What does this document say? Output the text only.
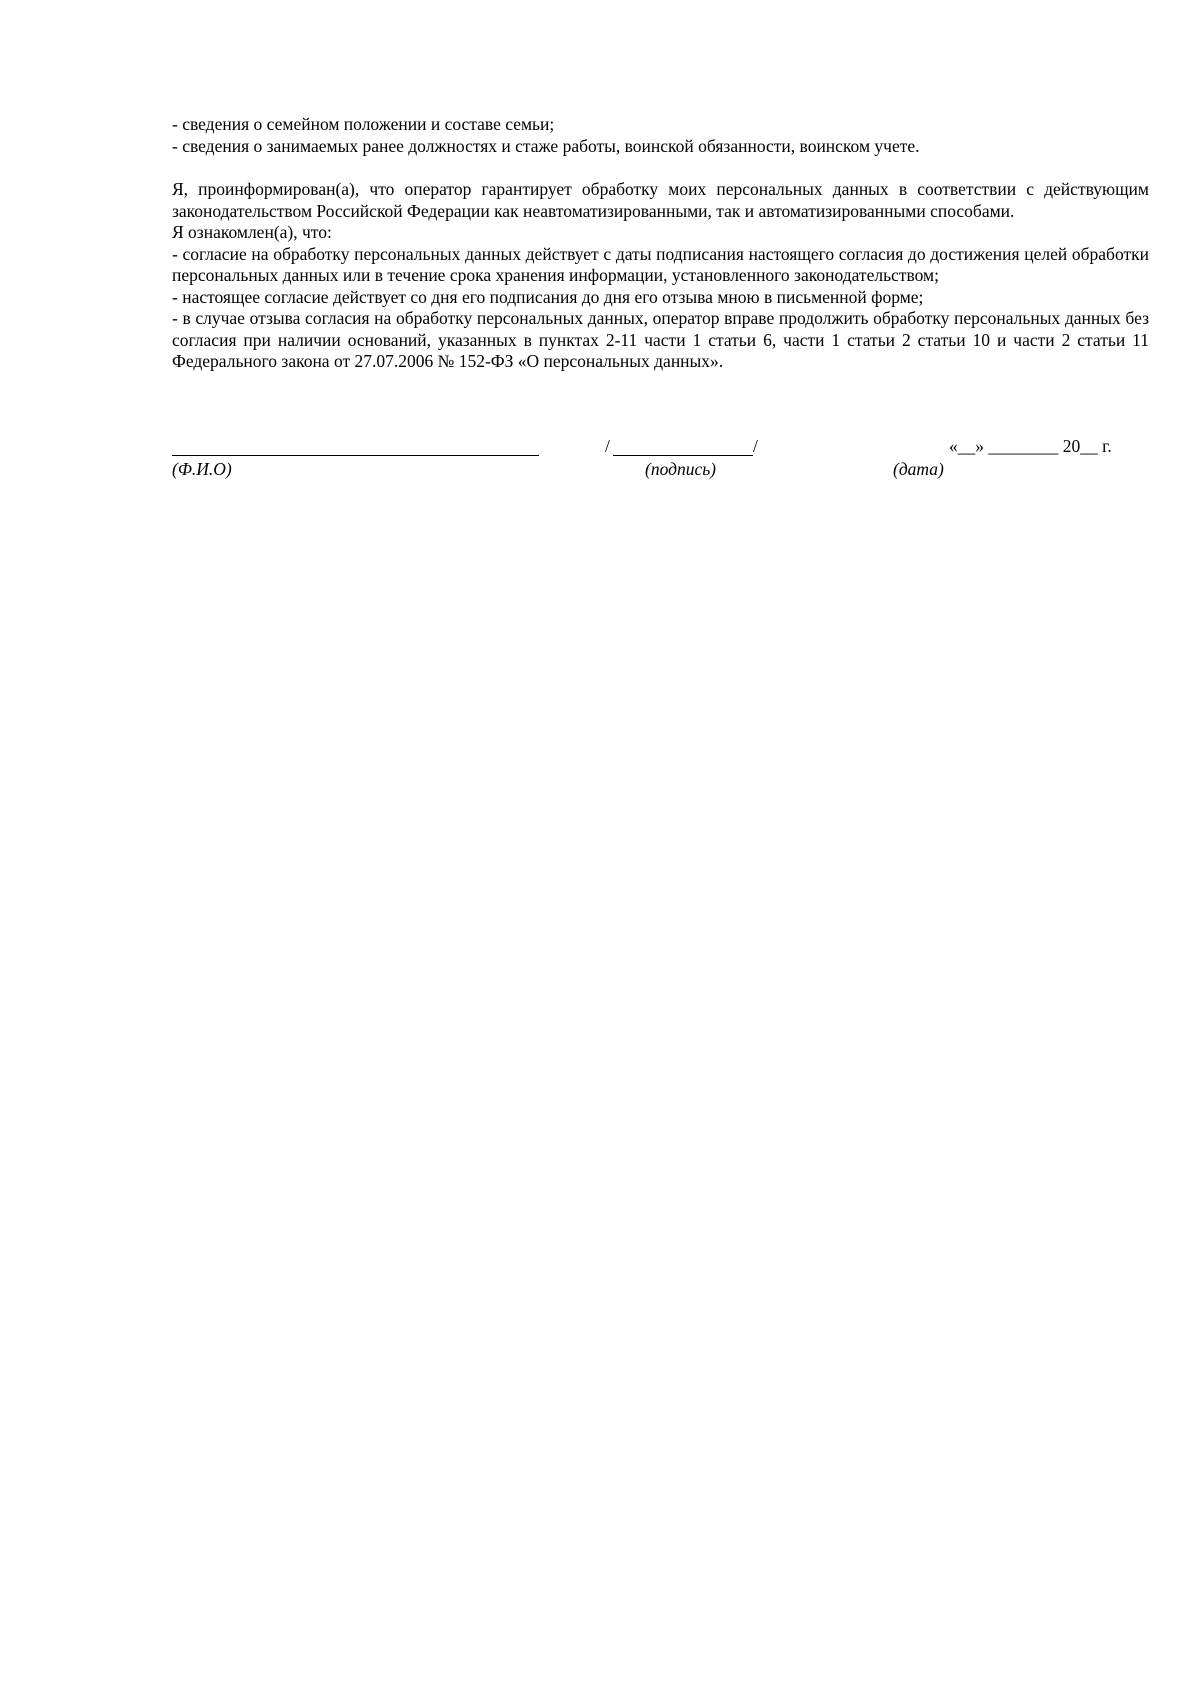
- сведения о семейном положении и составе семьи;
- сведения о занимаемых ранее должностях и стаже работы, воинской обязанности, воинском учете.

Я, проинформирован(а), что оператор гарантирует обработку моих персональных данных в соответствии с действующим законодательством Российской Федерации как неавтоматизированными, так и автоматизированными способами.

Я ознакомлен(а), что:

- согласие на обработку персональных данных действует с даты подписания настоящего согласия до достижения целей обработки персональных данных или в течение срока хранения информации, установленного законодательством;

- настоящее согласие действует со дня его подписания до дня его отзыва мною в письменной форме;

- в случае отзыва согласия на обработку персональных данных, оператор вправе продолжить обработку персональных данных без согласия при наличии оснований, указанных в пунктах 2-11 части 1 статьи 6, части 1 статьи 2 статьи 10 и части 2 статьи 11 Федерального закона от 27.07.2006 № 152-ФЗ «О персональных данных».

/	/	«__» ________ 20__ г.
(Ф.И.О)	(подпись)	(дата)
